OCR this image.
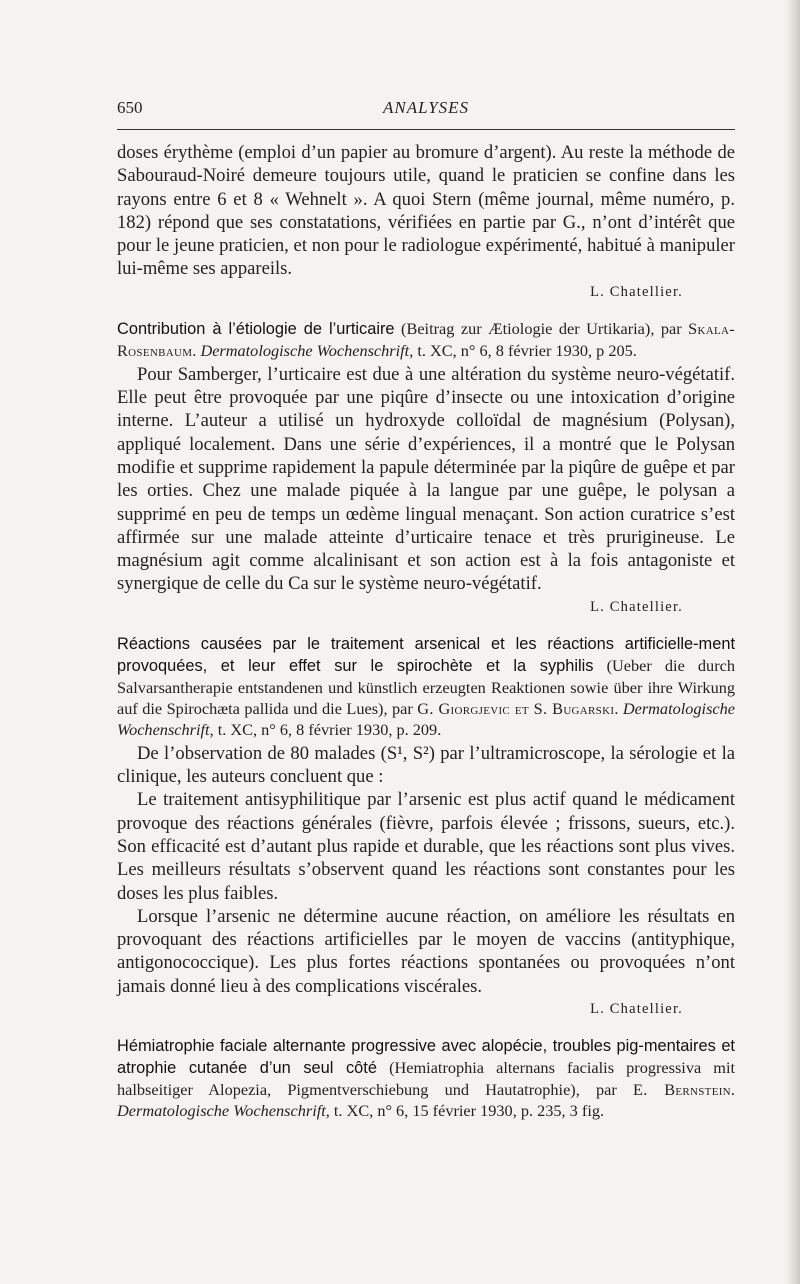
650	ANALYSES

doses érythème (emploi d’un papier au bromure d’argent). Au reste la méthode de Sabouraud-Noiré demeure toujours utile, quand le praticien se confine dans les rayons entre 6 et 8 « Wehnelt ». A quoi Stern (même journal, même numéro, p. 182) répond que ses constatations, vérifiées en partie par G., n’ont d’intérêt que pour le jeune praticien, et non pour le radiologue expérimenté, habitué à manipuler lui-même ses appareils.

L. Chatellier.

Contribution à l’étiologie de l’urticaire (Beitrag zur Ætiologie der Urtikaria), par Skala-Rosenbaum. Dermatologische Wochenschrift, t. XC, n° 6, 8 février 1930, p 205.

Pour Samberger, l’urticaire est due à une altération du système neuro-végétatif. Elle peut être provoquée par une piqûre d’insecte ou une intoxication d’origine interne. L’auteur a utilisé un hydroxyde colloïdal de magnésium (Polysan), appliqué localement. Dans une série d’expériences, il a montré que le Polysan modifie et supprime rapidement la papule déterminée par la piqûre de guêpe et par les orties. Chez une malade piquée à la langue par une guêpe, le polysan a supprimé en peu de temps un œdème lingual menaçant. Son action curatrice s’est affirmée sur une malade atteinte d’urticaire tenace et très prurigineuse. Le magnésium agit comme alcalinisant et son action est à la fois antagoniste et synergique de celle du Ca sur le système neuro-végétatif.

L. Chatellier.

Réactions causées par le traitement arsenical et les réactions artificielle-ment provoquées, et leur effet sur le spirochète et la syphilis (Ueber die durch Salvarsantherapie entstandenen und künstlich erzeugten Reaktionen sowie über ihre Wirkung auf die Spirochæta pallida und die Lues), par G. Giorgjevic et S. Bugarski. Dermatologische Wochenschrift, t. XC, n° 6, 8 février 1930, p. 209.

De l’observation de 80 malades (S¹, S²) par l’ultramicroscope, la sérologie et la clinique, les auteurs concluent que :

Le traitement antisyphilitique par l’arsenic est plus actif quand le médicament provoque des réactions générales (fièvre, parfois élevée ; frissons, sueurs, etc.). Son efficacité est d’autant plus rapide et durable, que les réactions sont plus vives. Les meilleurs résultats s’observent quand les réactions sont constantes pour les doses les plus faibles.

Lorsque l’arsenic ne détermine aucune réaction, on améliore les résultats en provoquant des réactions artificielles par le moyen de vaccins (antityphique, antigonococcique). Les plus fortes réactions spontanées ou provoquées n’ont jamais donné lieu à des complications viscérales.

L. Chatellier.

Hémiatrophie faciale alternante progressive avec alopécie, troubles pig-mentaires et atrophie cutanée d’un seul côté (Hemiatrophia alternans facialis progressiva mit halbseitiger Alopezia, Pigmentverschiebung und Hautatrophie), par E. Bernstein. Dermatologische Wochenschrift, t. XC, n° 6, 15 février 1930, p. 235, 3 fig.
